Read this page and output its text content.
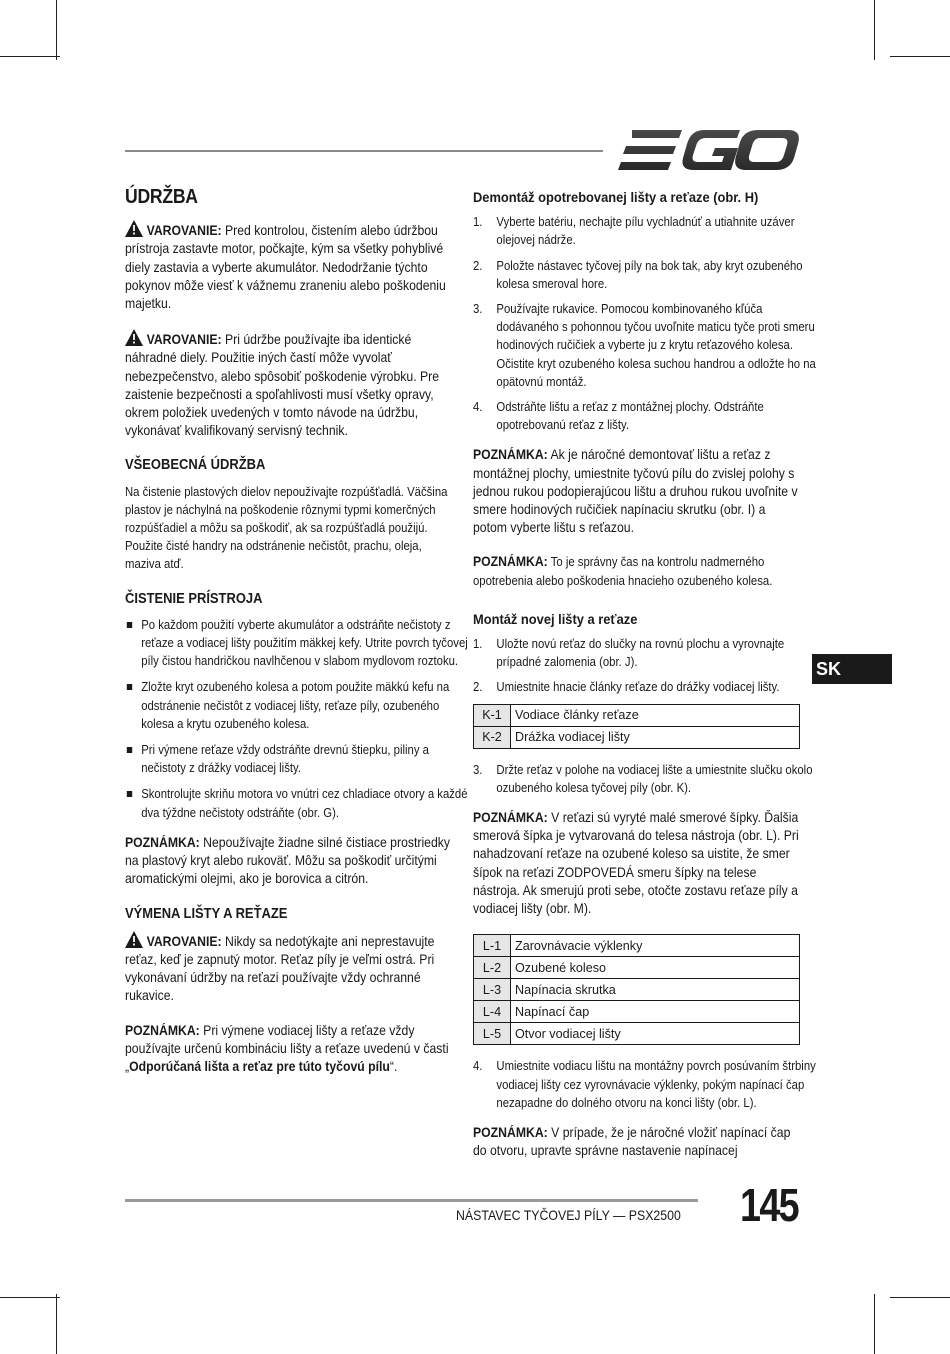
ÚDRŽBA

VAROVANIE: Pred kontrolou, čistením alebo údržbou prístroja zastavte motor, počkajte, kým sa všetky pohyblivé diely zastavia a vyberte akumulátor. Nedodržanie týchto pokynov môže viesť k vážnemu zraneniu alebo poškodeniu majetku.

VAROVANIE: Pri údržbe používajte iba identické náhradné diely. Použitie iných častí môže vyvolať nebezpečenstvo, alebo spôsobiť poškodenie výrobku. Pre zaistenie bezpečnosti a spoľahlivosti musí všetky opravy, okrem položiek uvedených v tomto návode na údržbu, vykonávať kvalifikovaný servisný technik.

VŠEOBECNÁ ÚDRŽBA

Na čistenie plastových dielov nepoužívajte rozpúšťadlá. Väčšina plastov je náchylná na poškodenie rôznymi typmi komerčných rozpúšťadiel a môžu sa poškodiť, ak sa rozpúšťadlá použijú. Použite čisté handry na odstránenie nečistôt, prachu, oleja, maziva atď.

ČISTENIE PRÍSTROJA
Po každom použití vyberte akumulátor a odstráňte nečistoty z reťaze a vodiacej lišty použitím mäkkej kefy. Utrite povrch tyčovej píly čistou handričkou navlhčenou v slabom mydlovom roztoku.
Zložte kryt ozubeného kolesa a potom použite mäkkú kefu na odstránenie nečistôt z vodiacej lišty, reťaze píly, ozubeného kolesa a krytu ozubeného kolesa.
Pri výmene reťaze vždy odstráňte drevnú štiepku, piliny a nečistoty z drážky vodiacej lišty.
Skontrolujte skriňu motora vo vnútri cez chladiace otvory a každé dva týždne nečistoty odstráňte (obr. G).

POZNÁMKA: Nepoužívajte žiadne silné čistiace prostriedky na plastový kryt alebo rukoväť. Môžu sa poškodiť určitými aromatickými olejmi, ako je borovica a citrón.

VÝMENA LIŠTY A REŤAZE

VAROVANIE: Nikdy sa nedotýkajte ani neprestavujte reťaz, keď je zapnutý motor. Reťaz píly je veľmi ostrá. Pri vykonávaní údržby na reťazi používajte vždy ochranné rukavice.

POZNÁMKA: Pri výmene vodiacej lišty a reťaze vždy používajte určenú kombináciu lišty a reťaze uvedenú v časti „Odporúčaná lišta a reťaz pre túto tyčovú pílu“.

Demontáž opotrebovanej lišty a reťaze (obr. H)
1. Vyberte batériu, nechajte pílu vychladnúť a utiahnite uzáver olejovej nádrže.
2. Položte nástavec tyčovej píly na bok tak, aby kryt ozubeného kolesa smeroval hore.
3. Používajte rukavice. Pomocou kombinovaného kľúča dodávaného s pohonnou tyčou uvoľnite maticu tyče proti smeru hodinových ručičiek a vyberte ju z krytu reťazového kolesa. Očistite kryt ozubeného kolesa suchou handrou a odložte ho na opätovnú montáž.
4. Odstráňte lištu a reťaz z montážnej plochy. Odstráňte opotrebovanú reťaz z lišty.

POZNÁMKA: Ak je náročné demontovať lištu a reťaz z montážnej plochy, umiestnite tyčovú pílu do zvislej polohy s jednou rukou podopierajúcou lištu a druhou rukou uvoľnite v smere hodinových ručičiek napínaciu skrutku (obr. I) a potom vyberte lištu s reťazou.

POZNÁMKA: To je správny čas na kontrolu nadmerného opotrebenia alebo poškodenia hnacieho ozubeného kolesa.

Montáž novej lišty a reťaze
1. Uložte novú reťaz do slučky na rovnú plochu a vyrovnajte prípadné zalomenia (obr. J).
2. Umiestnite hnacie články reťaze do drážky vodiacej lišty.
K-1	Vodiace články reťaze
K-2	Drážka vodiacej lišty
3. Držte reťaz v polohe na vodiacej lište a umiestnite slučku okolo ozubeného kolesa tyčovej píly (obr. K).

POZNÁMKA: V reťazi sú vyryté malé smerové šípky. Ďalšia smerová šípka je vytvarovaná do telesa nástroja (obr. L). Pri nahadzovaní reťaze na ozubené koleso sa uistite, že smer šípok na reťazi ZODPOVEDÁ smeru šípky na telese nástroja. Ak smerujú proti sebe, otočte zostavu reťaze píly a vodiacej lišty (obr. M).

L-1	Zarovnávacie výklenky
L-2	Ozubené koleso
L-3	Napínacia skrutka
L-4	Napínací čap
L-5	Otvor vodiacej lišty
4. Umiestnite vodiacu lištu na montážny povrch posúvaním štrbiny vodiacej lišty cez vyrovnávacie výklenky, pokým napínací čap nezapadne do dolného otvoru na konci lišty (obr. L).

POZNÁMKA: V prípade, že je náročné vložiť napínací čap do otvoru, upravte správne nastavenie napínacej

SK
NÁSTAVEC TYČOVEJ PÍLY — PSX2500 145
